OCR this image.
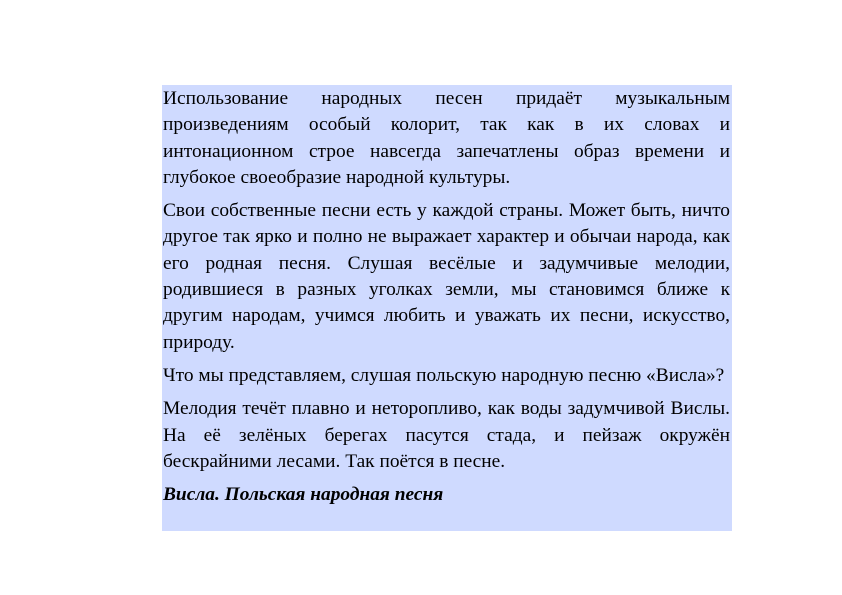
Использование народных песен придаёт музыкальным произведениям особый колорит, так как в их словах и интонационном строе навсегда запечатлены образ времени и глубокое своеобразие народной культуры.

Свои собственные песни есть у каждой страны. Может быть, ничто другое так ярко и полно не выражает характер и обычаи народа, как его родная песня. Слушая весёлые и задумчивые мелодии, родившиеся в разных уголках земли, мы становимся ближе к другим народам, учимся любить и уважать их песни, искусство, природу.

Что мы представляем, слушая польскую народную песню «Висла»?

Мелодия течёт плавно и неторопливо, как воды задумчивой Вислы. На её зелёных берегах пасутся стада, и пейзаж окружён бескрайними лесами. Так поётся в песне.

Висла. Польская народная песня
